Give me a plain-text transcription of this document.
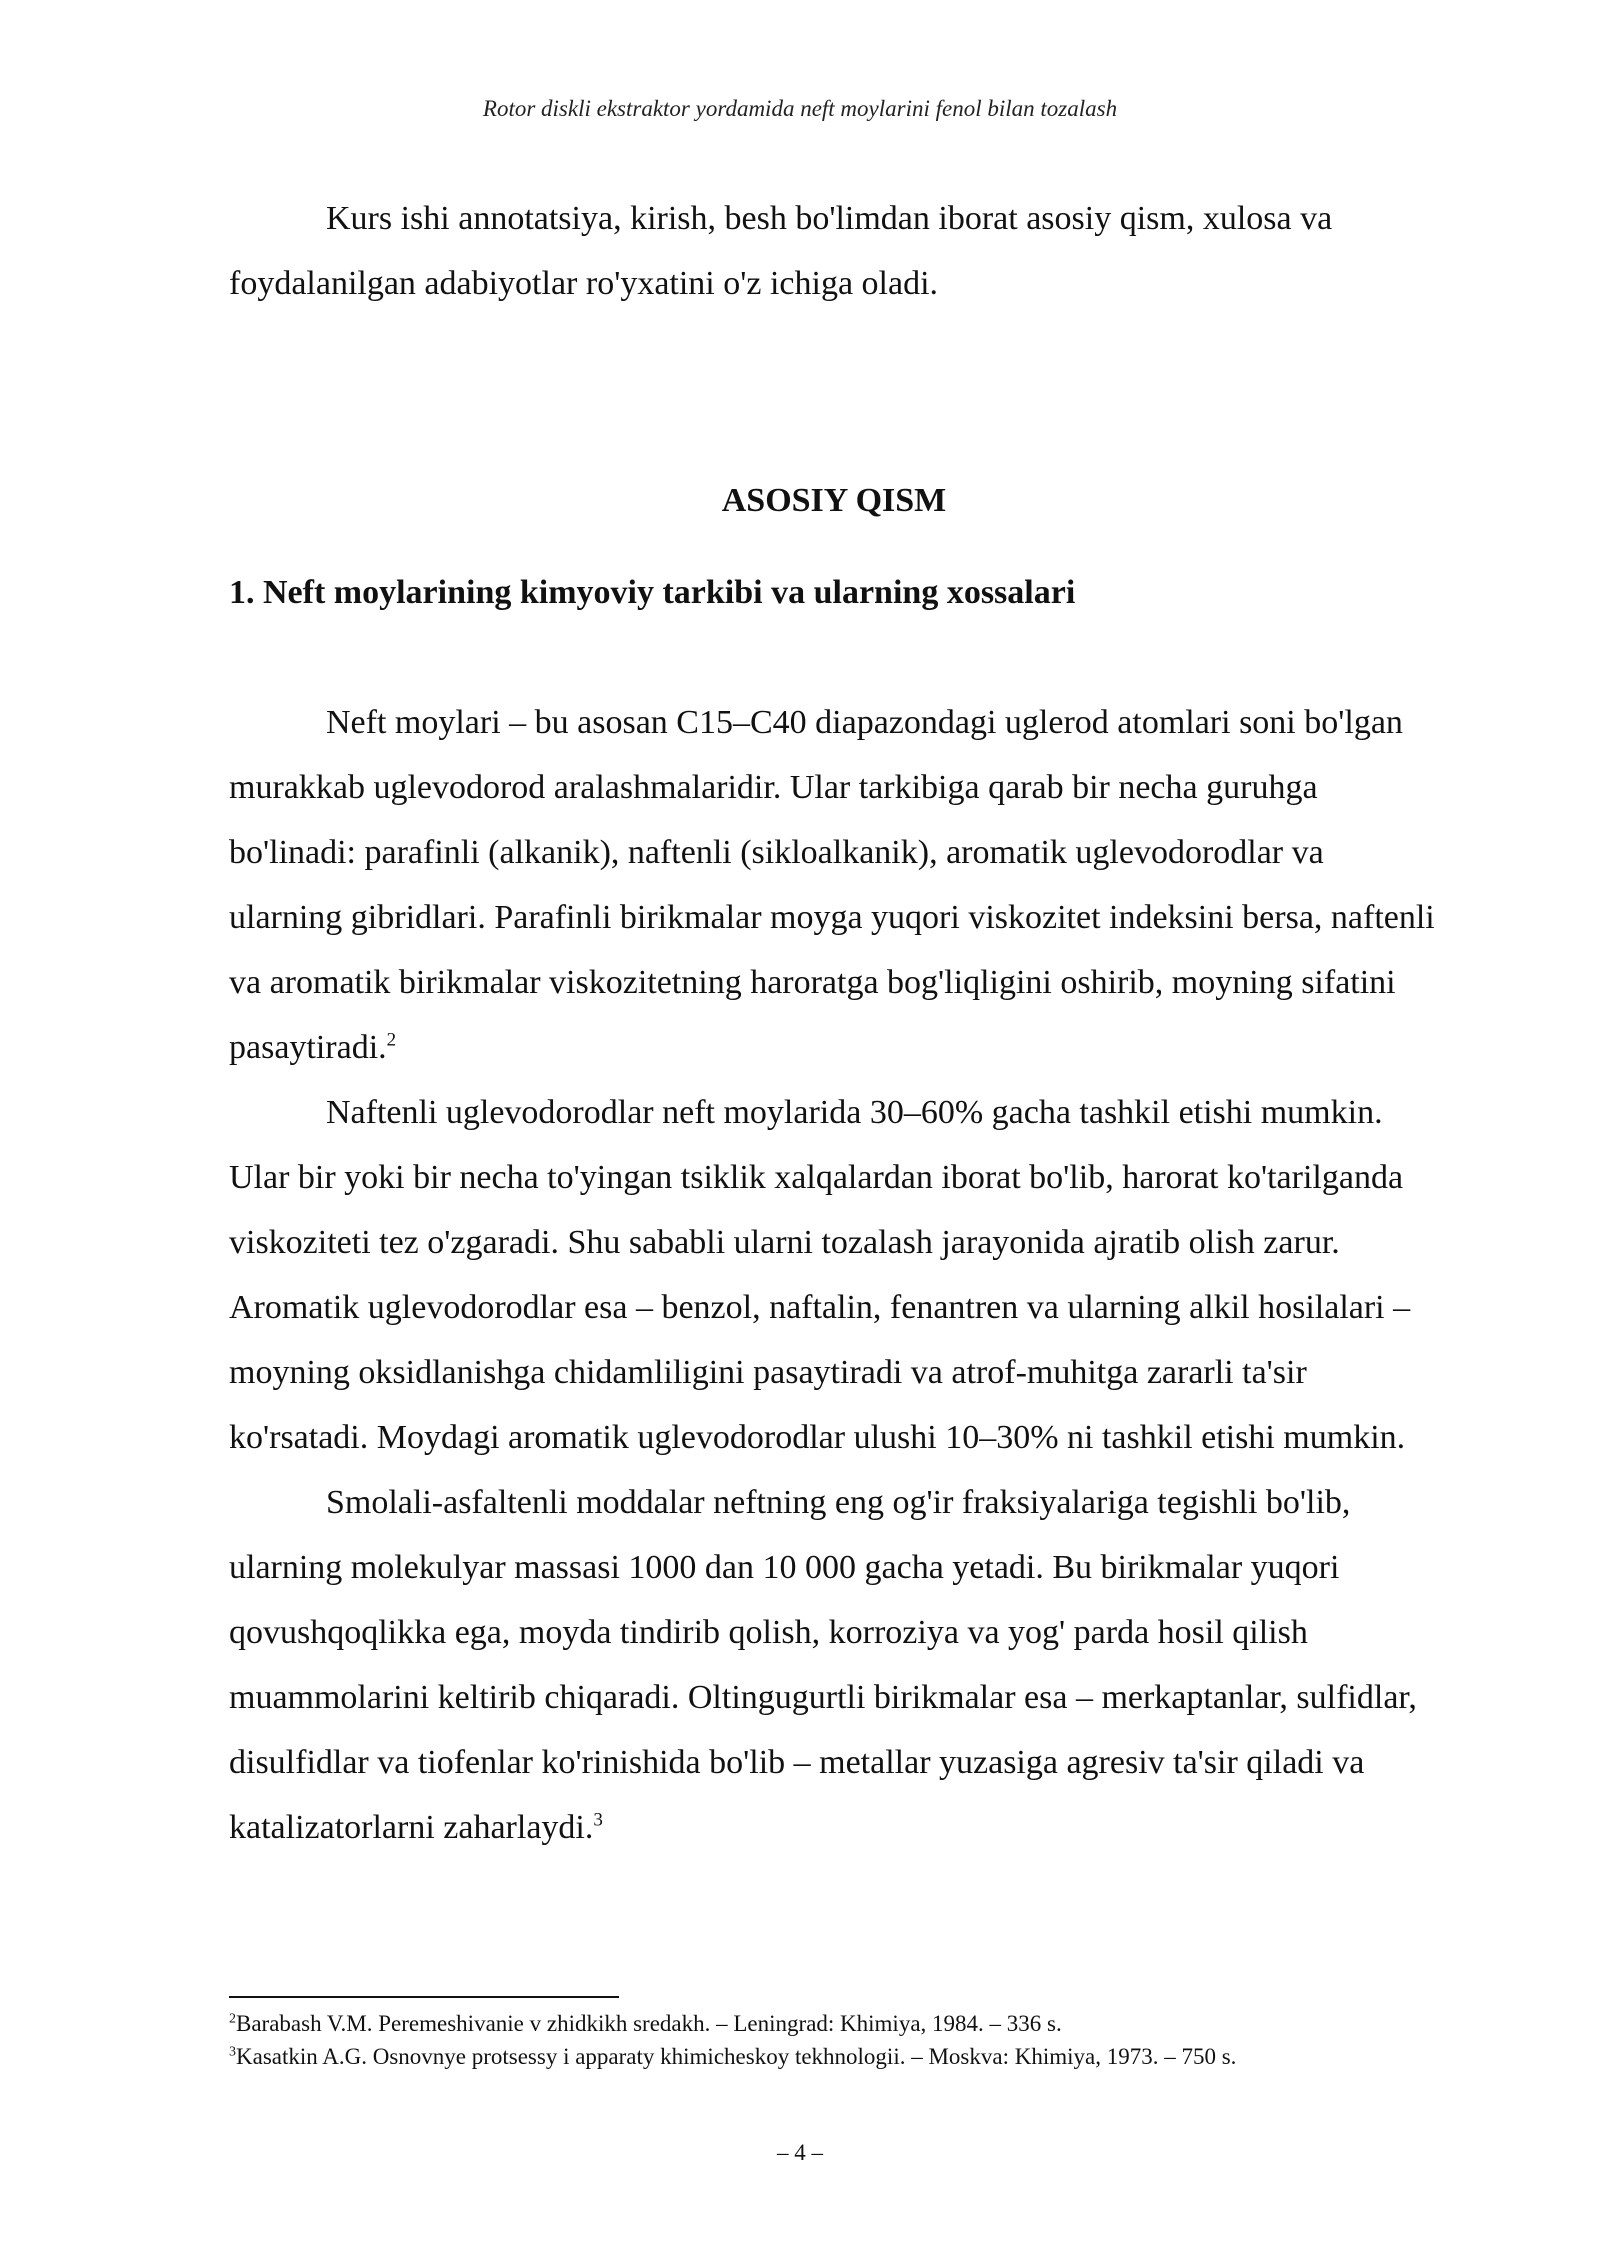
Rotor diskli ekstraktor yordamida neft moylarini fenol bilan tozalash

Kurs ishi annotatsiya, kirish, besh bo'limdan iborat asosiy qism, xulosa va foydalanilgan adabiyotlar ro'yxatini o'z ichiga oladi.

ASOSIY QISM
1. Neft moylarining kimyoviy tarkibi va ularning xossalari

Neft moylari – bu asosan C15–C40 diapazondagi uglerod atomlari soni bo'lgan murakkab uglevodorod aralashmalaridir. Ular tarkibiga qarab bir necha guruhga bo'linadi: parafinli (alkanik), naftenli (sikloalkanik), aromatik uglevodorodlar va ularning gibridlari. Parafinli birikmalar moyga yuqori viskozitet indeksini bersa, naftenli va aromatik birikmalar viskozitetning haroratga bog'liqligini oshirib, moyning sifatini pasaytiradi.$^2$

Naftenli uglevodorodlar neft moylarida 30–60% gacha tashkil etishi mumkin. Ular bir yoki bir necha to'yingan tsiklik xalqalardan iborat bo'lib, harorat ko'tarilganda viskoziteti tez o'zgaradi. Shu sababli ularni tozalash jarayonida ajratib olish zarur. Aromatik uglevodorodlar esa – benzol, naftalin, fenantren va ularning alkil hosilalari – moyning oksidlanishga chidamliligini pasaytiradi va atrof-muhitga zararli ta'sir ko'rsatadi. Moydagi aromatik uglevodorodlar ulushi 10–30% ni tashkil etishi mumkin.

Smolali-asfaltenli moddalar neftning eng og'ir fraksiyalariga tegishli bo'lib, ularning molekulyar massasi 1000 dan 10 000 gacha yetadi. Bu birikmalar yuqori qovushqoqlikka ega, moyda tindirib qolish, korroziya va yog' parda hosil qilish muammolarini keltirib chiqaradi. Oltingugurtli birikmalar esa – merkaptanlar, sulfidlar, disulfidlar va tiofenlar ko'rinishida bo'lib – metallar yuzasiga agresiv ta'sir qiladi va katalizatorlarni zaharlaydi.$^3$

$^2$Barabash V.M. Peremeshivanie v zhidkikh sredakh. – Leningrad: Khimiya, 1984. – 336 s.
$^3$Kasatkin A.G. Osnovnye protsessy i apparaty khimicheskoy tekhnologii. – Moskva: Khimiya, 1973. – 750 s.
– 4 –
